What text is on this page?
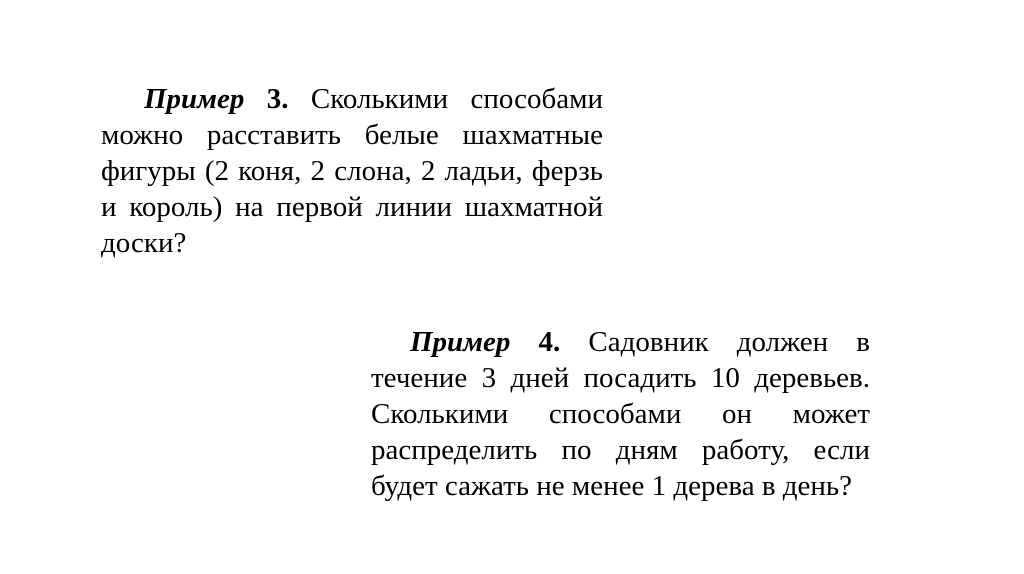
Пример 3. Сколькими способами можно расставить белые шахматные фигуры (2 коня, 2 слона, 2 ладьи, ферзь и король) на первой линии шахматной доски?

Пример 4. Садовник должен в течение 3 дней посадить 10 деревьев. Сколькими способами он может распределить по дням работу, если будет сажать не менее 1 дерева в день?
